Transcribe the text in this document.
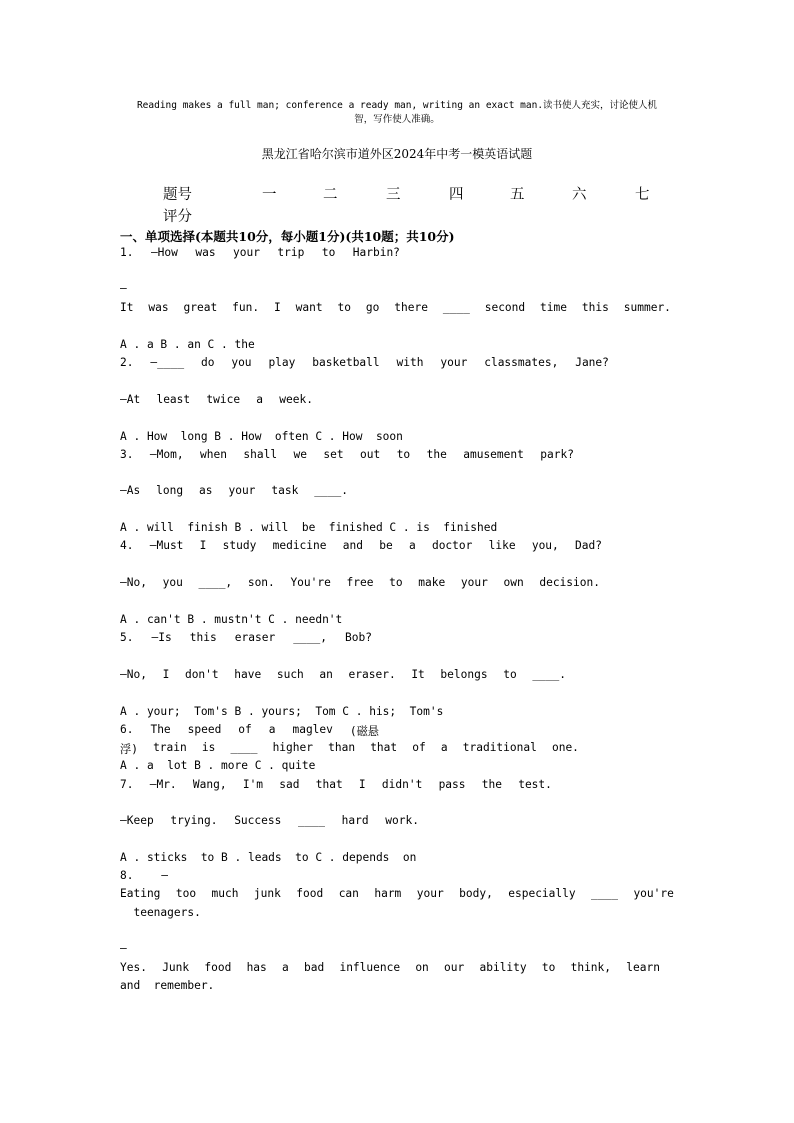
Reading makes a full man; conference a ready man, writing an exact man.读书使人充实，讨论使人机
智，写作使人准确。
黑龙江省哈尔滨市道外区2024年中考一模英语试题
题号	一	二	三	四	五	六	七
评分
一、单项选择(本题共10分，每小题1分)(共10题；共10分)
1. —How was your trip to Harbin?
—
It was great fun. I want to go there ____ second time this summer.
A . a B . an C . the
2. —____ do you play basketball with your classmates, Jane?
—At least twice a week.
A . How  long B . How  often C . How  soon
3. —Mom, when shall we set out to the amusement park?
—As long as your task ____.
A . will  finish B . will  be  finished C . is  finished
4. —Must I study medicine and be a doctor like you, Dad?
—No, you ____, son. You're free to make your own decision.
A . can't B . mustn't C . needn't
5. —Is this eraser ____, Bob?
—No, I don't have such an eraser. It belongs to ____.
A . your;  Tom's B . yours;  Tom C . his;  Tom's
6. The speed of a maglev (磁悬
浮) train is ____ higher than that of a traditional one.
A . a  lot B . more C . quite
7. —Mr. Wang, I'm sad that I didn't pass the test.
—Keep trying. Success ____ hard work.
A . sticks  to B . leads  to C . depends  on
8. —
Eating too much junk food can harm your body, especially ____ you're
teenagers.
—
Yes. Junk food has a bad influence on our ability to think, learn
and  remember.
